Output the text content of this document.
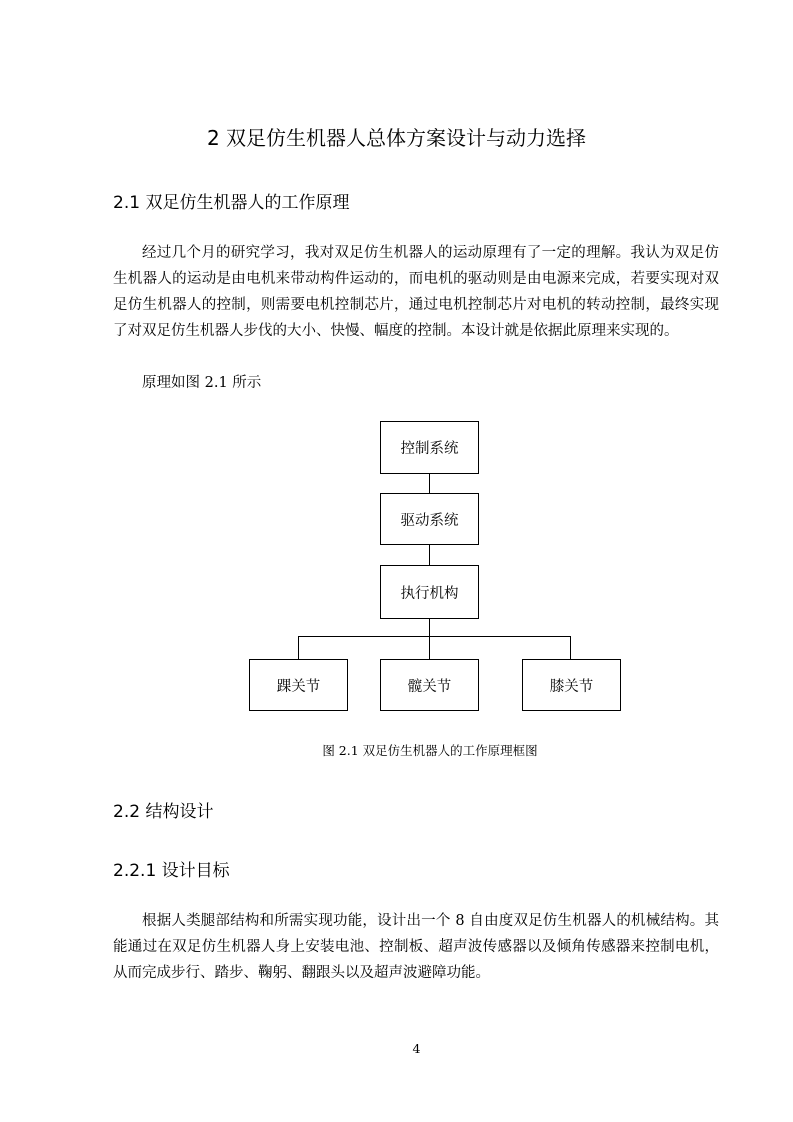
2 双足仿生机器人总体方案设计与动力选择
2.1 双足仿生机器人的工作原理

经过几个月的研究学习，我对双足仿生机器人的运动原理有了一定的理解。我认为双足仿生机器人的运动是由电机来带动构件运动的，而电机的驱动则是由电源来完成，若要实现对双足仿生机器人的控制，则需要电机控制芯片，通过电机控制芯片对电机的转动控制，最终实现了对双足仿生机器人步伐的大小、快慢、幅度的控制。本设计就是依据此原理来实现的。

原理如图 2.1 所示

控制系统
驱动系统
执行机构
踝关节	髋关节	膝关节
图 2.1 双足仿生机器人的工作原理框图
2.2 结构设计
2.2.1 设计目标

根据人类腿部结构和所需实现功能，设计出一个 8 自由度双足仿生机器人的机械结构。其能通过在双足仿生机器人身上安装电池、控制板、超声波传感器以及倾角传感器来控制电机，从而完成步行、踏步、鞠躬、翻跟头以及超声波避障功能。

4
